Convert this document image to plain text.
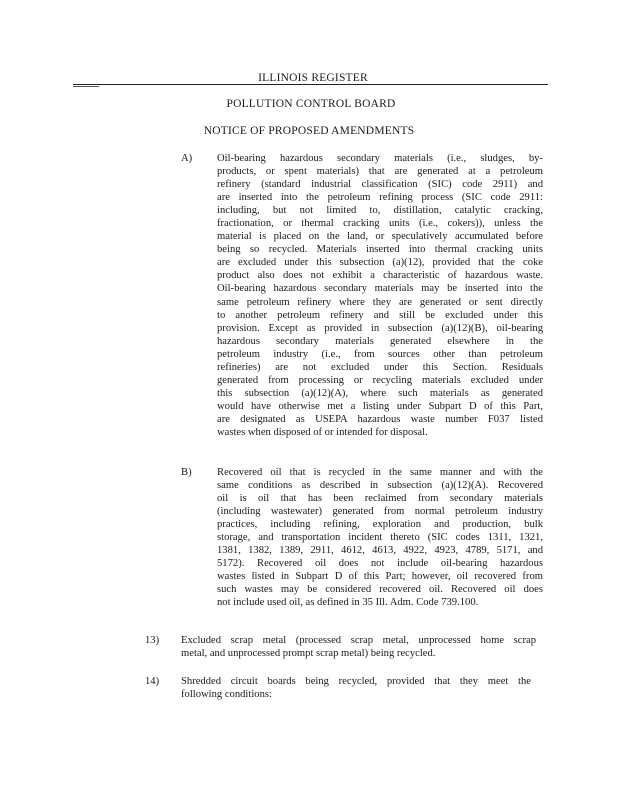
ILLINOIS REGISTER
POLLUTION CONTROL BOARD
NOTICE OF PROPOSED AMENDMENTS
A) Oil-bearing hazardous secondary materials (i.e., sludges, by-
products, or spent materials) that are generated at a petroleum
refinery (standard industrial classification (SIC) code 2911) and
are inserted into the petroleum refining process (SIC code 2911:
including, but not limited to, distillation, catalytic cracking,
fractionation, or thermal cracking units (i.e., cokers)), unless the
material is placed on the land, or speculatively accumulated before
being so recycled. Materials inserted into thermal cracking units
are excluded under this subsection (a)(12), provided that the coke
product also does not exhibit a characteristic of hazardous waste.
Oil-bearing hazardous secondary materials may be inserted into the
same petroleum refinery where they are generated or sent directly
to another petroleum refinery and still be excluded under this
provision. Except as provided in subsection (a)(12)(B), oil-bearing
hazardous secondary materials generated elsewhere in the
petroleum industry (i.e., from sources other than petroleum
refineries) are not excluded under this Section. Residuals
generated from processing or recycling materials excluded under
this subsection (a)(12)(A), where such materials as generated
would have otherwise met a listing under Subpart D of this Part,
are designated as USEPA hazardous waste number F037 listed
wastes when disposed of or intended for disposal.
B) Recovered oil that is recycled in the same manner and with the
same conditions as described in subsection (a)(12)(A). Recovered
oil is oil that has been reclaimed from secondary materials
(including wastewater) generated from normal petroleum industry
practices, including refining, exploration and production, bulk
storage, and transportation incident thereto (SIC codes 1311, 1321,
1381, 1382, 1389, 2911, 4612, 4613, 4922, 4923, 4789, 5171, and
5172). Recovered oil does not include oil-bearing hazardous
wastes listed in Subpart D of this Part; however, oil recovered from
such wastes may be considered recovered oil. Recovered oil does
not include used oil, as defined in 35 Ill. Adm. Code 739.100.
13) Excluded scrap metal (processed scrap metal, unprocessed home scrap
metal, and unprocessed prompt scrap metal) being recycled.
14) Shredded circuit boards being recycled, provided that they meet the
following conditions:
